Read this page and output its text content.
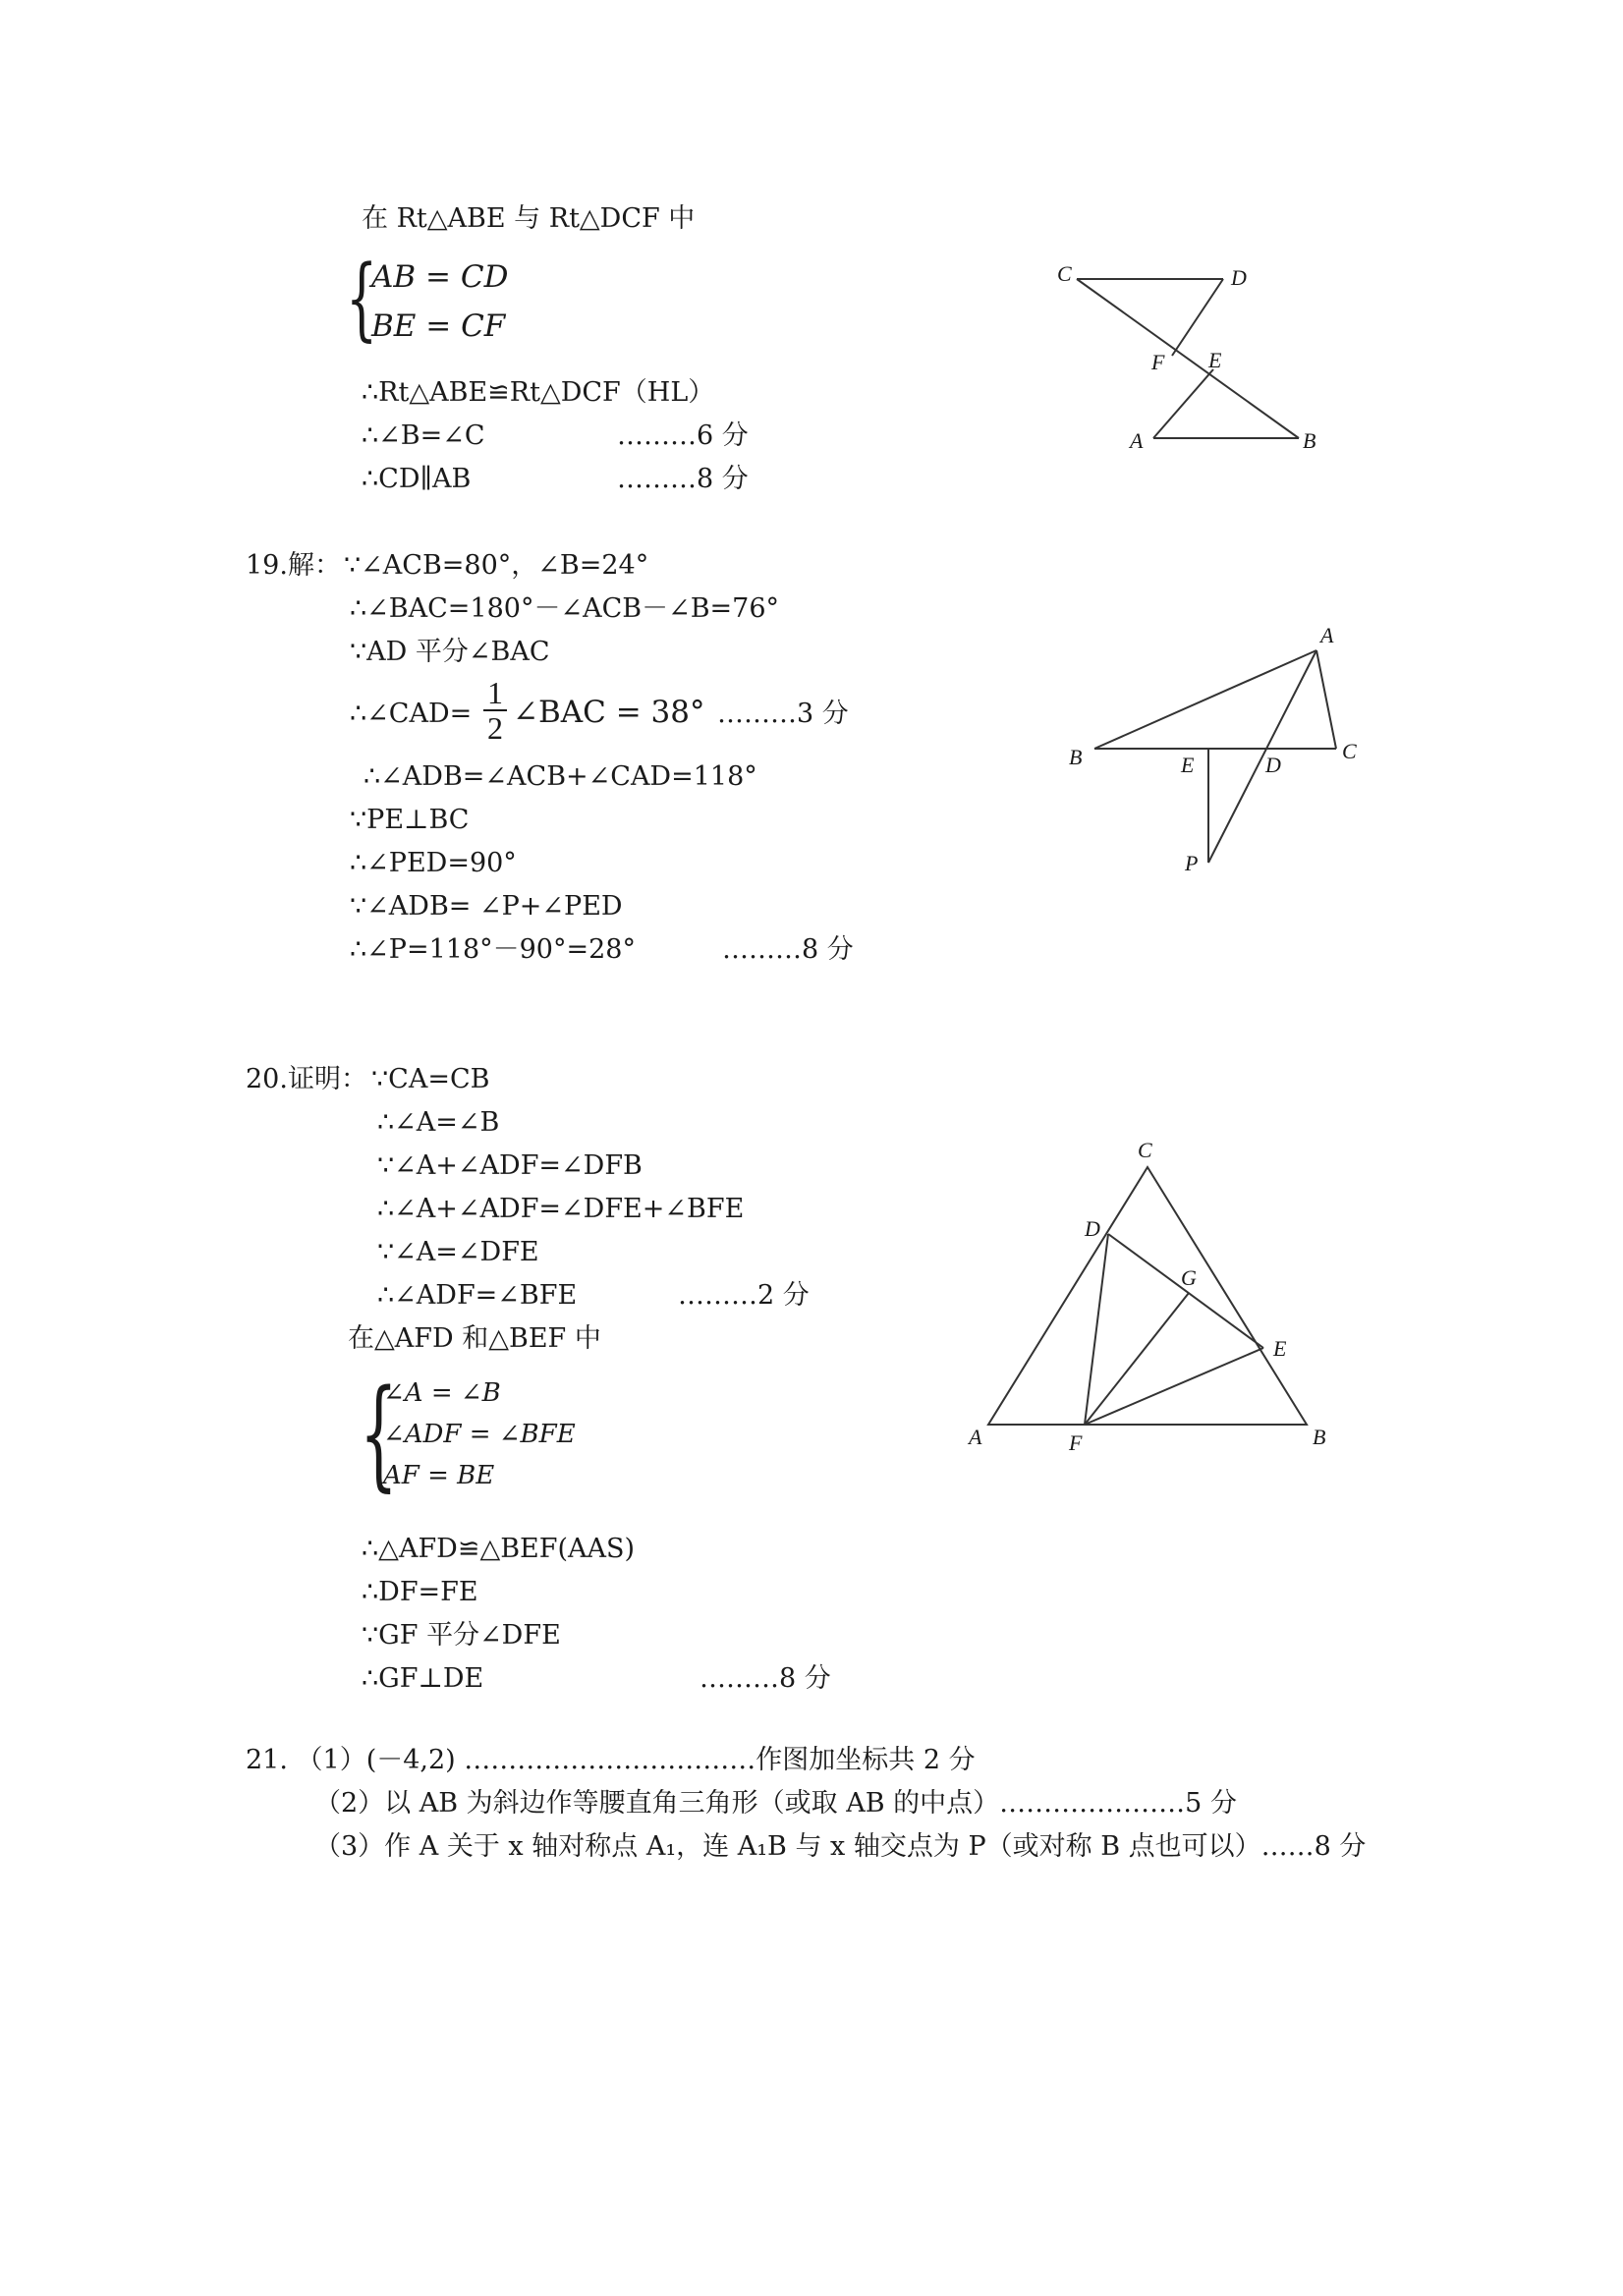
在 Rt△ABE 与 Rt△DCF 中
{
AB = CD
BE = CF
∴Rt△ABE≌Rt△DCF（HL）
∴∠B=∠C	………6 分
∴CD∥AB	………8 分
C	D
F E
A	B
19.解： ∵∠ACB=80°，∠B=24°
∴∠BAC=180°－∠ACB－∠B=76°
∵AD 平分∠BAC
∴∠CAD=
1
2 ∠BAC = 38° ………3 分
∴∠ADB=∠ACB+∠CAD=118°
∵PE⊥BC
∴∠PED=90°
∵∠ADB= ∠P+∠PED
∴∠P=118°－90°=28°	………8 分
A
B	C
E	D
P
20.证明： ∵CA=CB
∴∠A=∠B
∵∠A+∠ADF=∠DFB
∴∠A+∠ADF=∠DFE+∠BFE
∵∠A=∠DFE
∴∠ADF=∠BFE	………2 分
在△AFD 和△BEF 中
{
∠A = ∠B
∠ADF = ∠BFE
AF = BE
∴△AFD≌△BEF(AAS)
∴DF=FE
∵GF 平分∠DFE
∴GF⊥DE	………8 分
C
D
G
E
A	F	B
21. （1）(－4,2) ……………………………作图加坐标共 2 分
（2）以 AB 为斜边作等腰直角三角形（或取 AB 的中点）…………………5 分
（3）作 A 关于 x 轴对称点 A₁，连 A₁B 与 x 轴交点为 P（或对称 B 点也可以）……8 分
